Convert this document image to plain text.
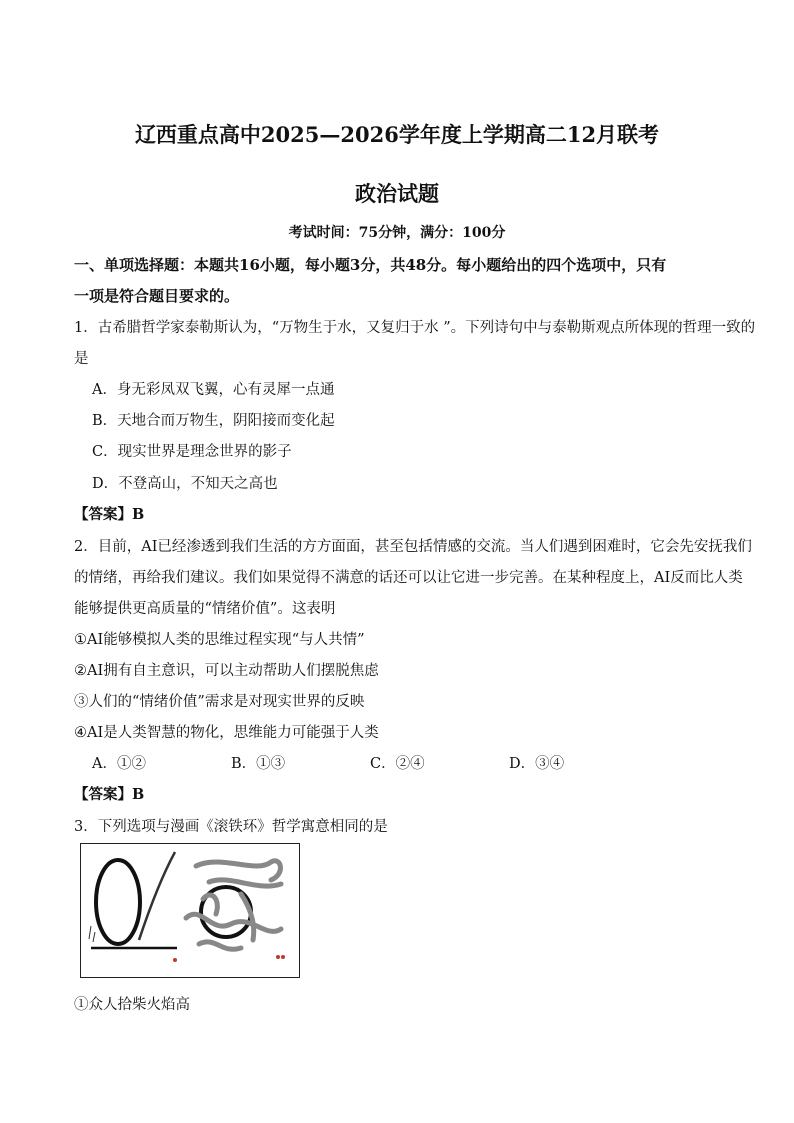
辽西重点高中2025—2026学年度上学期高二12月联考
政治试题
考试时间：75分钟，满分：100分
一、单项选择题：本题共16小题，每小题3分，共48分。每小题给出的四个选项中，只有
一项是符合题目要求的。
1．古希腊哲学家泰勒斯认为，“万物生于水，又复归于水 ”。下列诗句中与泰勒斯观点所体现的哲理一致的
是
A．身无彩凤双飞翼，心有灵犀一点通
B．天地合而万物生，阴阳接而变化起
C．现实世界是理念世界的影子
D．不登高山，不知天之高也
【答案】B
2．目前，AI已经渗透到我们生活的方方面面，甚至包括情感的交流。当人们遇到困难时，它会先安抚我们
的情绪，再给我们建议。我们如果觉得不满意的话还可以让它进一步完善。在某种程度上，AI反而比人类
能够提供更高质量的“情绪价值”。这表明
①AI能够模拟人类的思维过程实现“与人共情”
②AI拥有自主意识，可以主动帮助人们摆脱焦虑
③人们的“情绪价值”需求是对现实世界的反映
④AI是人类智慧的物化，思维能力可能强于人类
A．①②	B．①③	C．②④	D．③④
【答案】B
3．下列选项与漫画《滚铁环》哲学寓意相同的是
①众人拾柴火焰高
